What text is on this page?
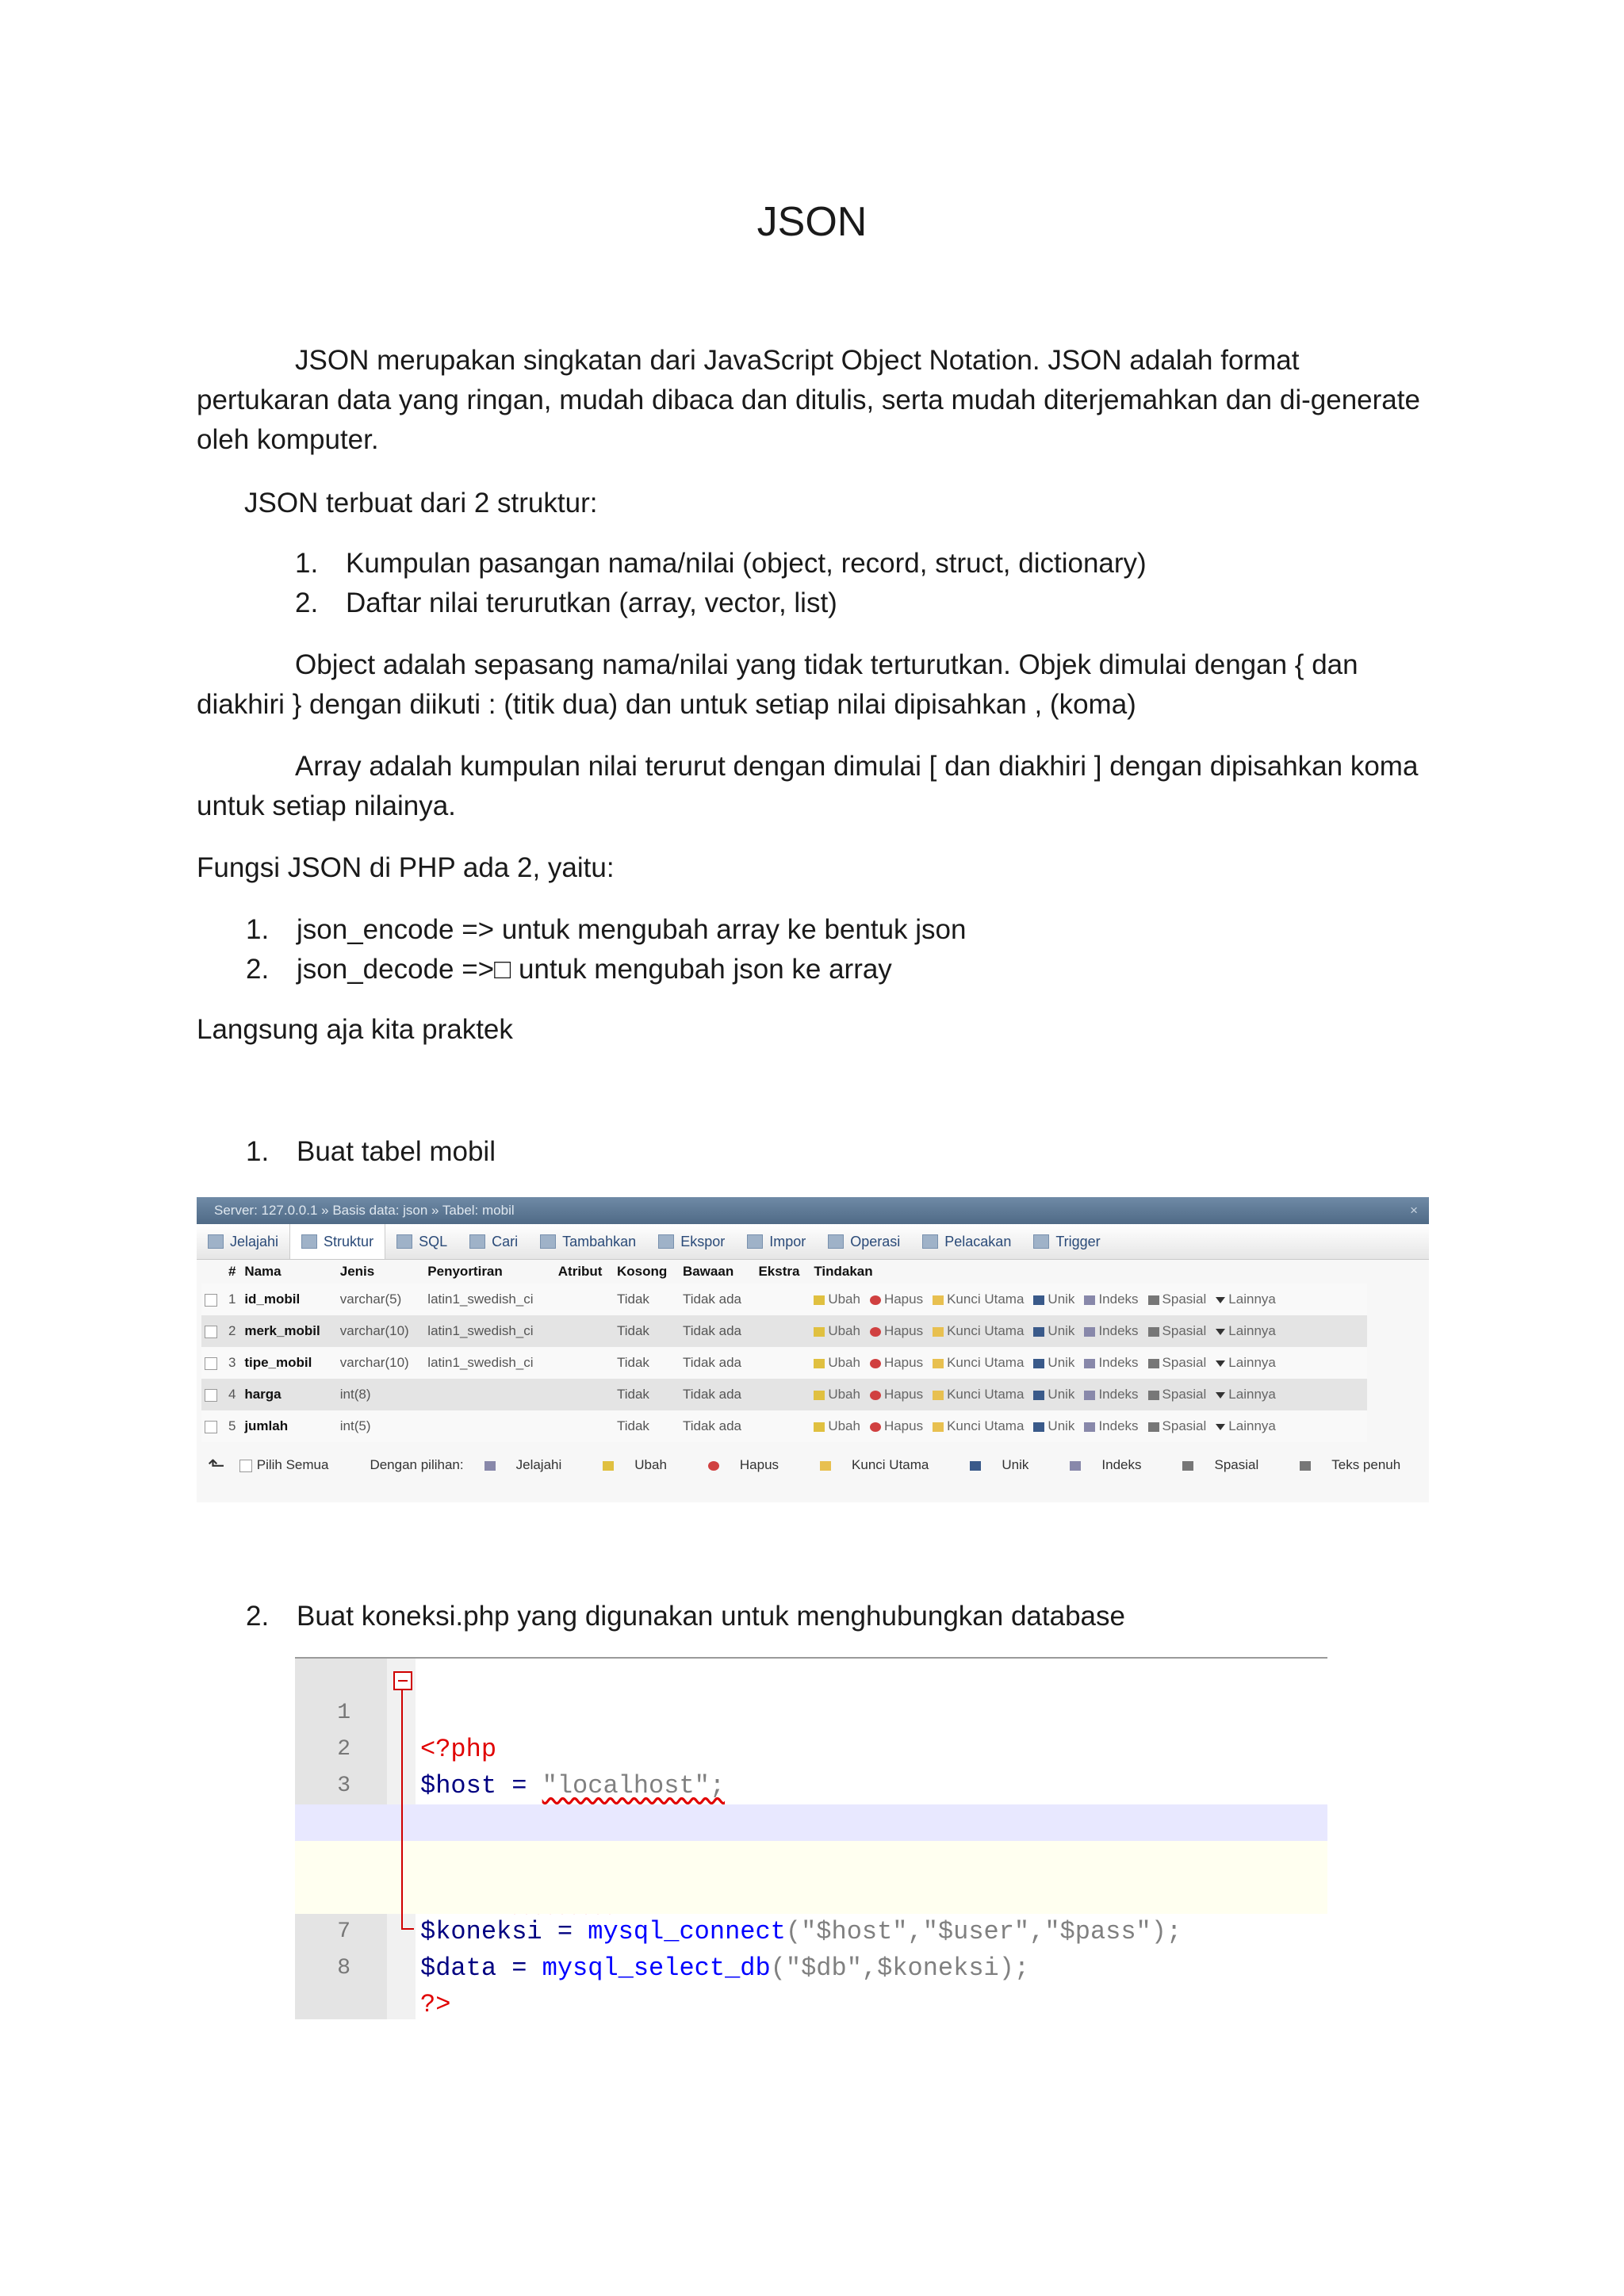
JSON

JSON merupakan singkatan dari JavaScript Object Notation. JSON adalah format pertukaran data yang ringan, mudah dibaca dan ditulis, serta mudah diterjemahkan dan di-generate oleh komputer.

JSON terbuat dari 2 struktur:

1. Kumpulan pasangan nama/nilai (object, record, struct, dictionary)
2. Daftar nilai terurutkan (array, vector, list)

Object adalah sepasang nama/nilai yang tidak terturutkan. Objek dimulai dengan { dan diakhiri } dengan diikuti : (titik dua) dan untuk setiap nilai dipisahkan , (koma)

Array adalah kumpulan nilai terurut dengan dimulai [ dan diakhiri ] dengan dipisahkan koma untuk setiap nilainya.

Fungsi JSON di PHP ada 2, yaitu:

1. json_encode => untuk mengubah array ke bentuk json
2. json_decode =>□ untuk mengubah json ke array

Langsung aja kita praktek

1. Buat tabel mobil
Server: 127.0.0.1 » Basis data: json » Tabel: mobil	×
Jelajahi	Struktur	SQL	Cari	Tambahkan	Ekspor	Impor	Operasi	Pelacakan	Trigger
	#	Nama	Jenis	Penyortiran	Atribut	Kosong	Bawaan	Ekstra	Tindakan
	1	id_mobil	varchar(5)	latin1_swedish_ci		Tidak	Tidak ada		Ubah Hapus Kunci Utama Unik Indeks Spasial Lainnya
	2	merk_mobil	varchar(10)	latin1_swedish_ci		Tidak	Tidak ada		Ubah Hapus Kunci Utama Unik Indeks Spasial Lainnya
	3	tipe_mobil	varchar(10)	latin1_swedish_ci		Tidak	Tidak ada		Ubah Hapus Kunci Utama Unik Indeks Spasial Lainnya
	4	harga	int(8)			Tidak	Tidak ada		Ubah Hapus Kunci Utama Unik Indeks Spasial Lainnya
	5	jumlah	int(5)			Tidak	Tidak ada		Ubah Hapus Kunci Utama Unik Indeks Spasial Lainnya
⬑	Pilih Semua	Dengan pilihan:	Jelajahi	Ubah	Hapus	Kunci Utama	Unik	Indeks	Spasial	Teks penuh
2. Buat koneksi.php yang digunakan untuk menghubungkan database

1

<?php

2

$host = "localhost";

3

$koneksi = mysql_connect("$host","$user","$pass");

7

$data = mysql_select_db("$db",$koneksi);

8

?>
